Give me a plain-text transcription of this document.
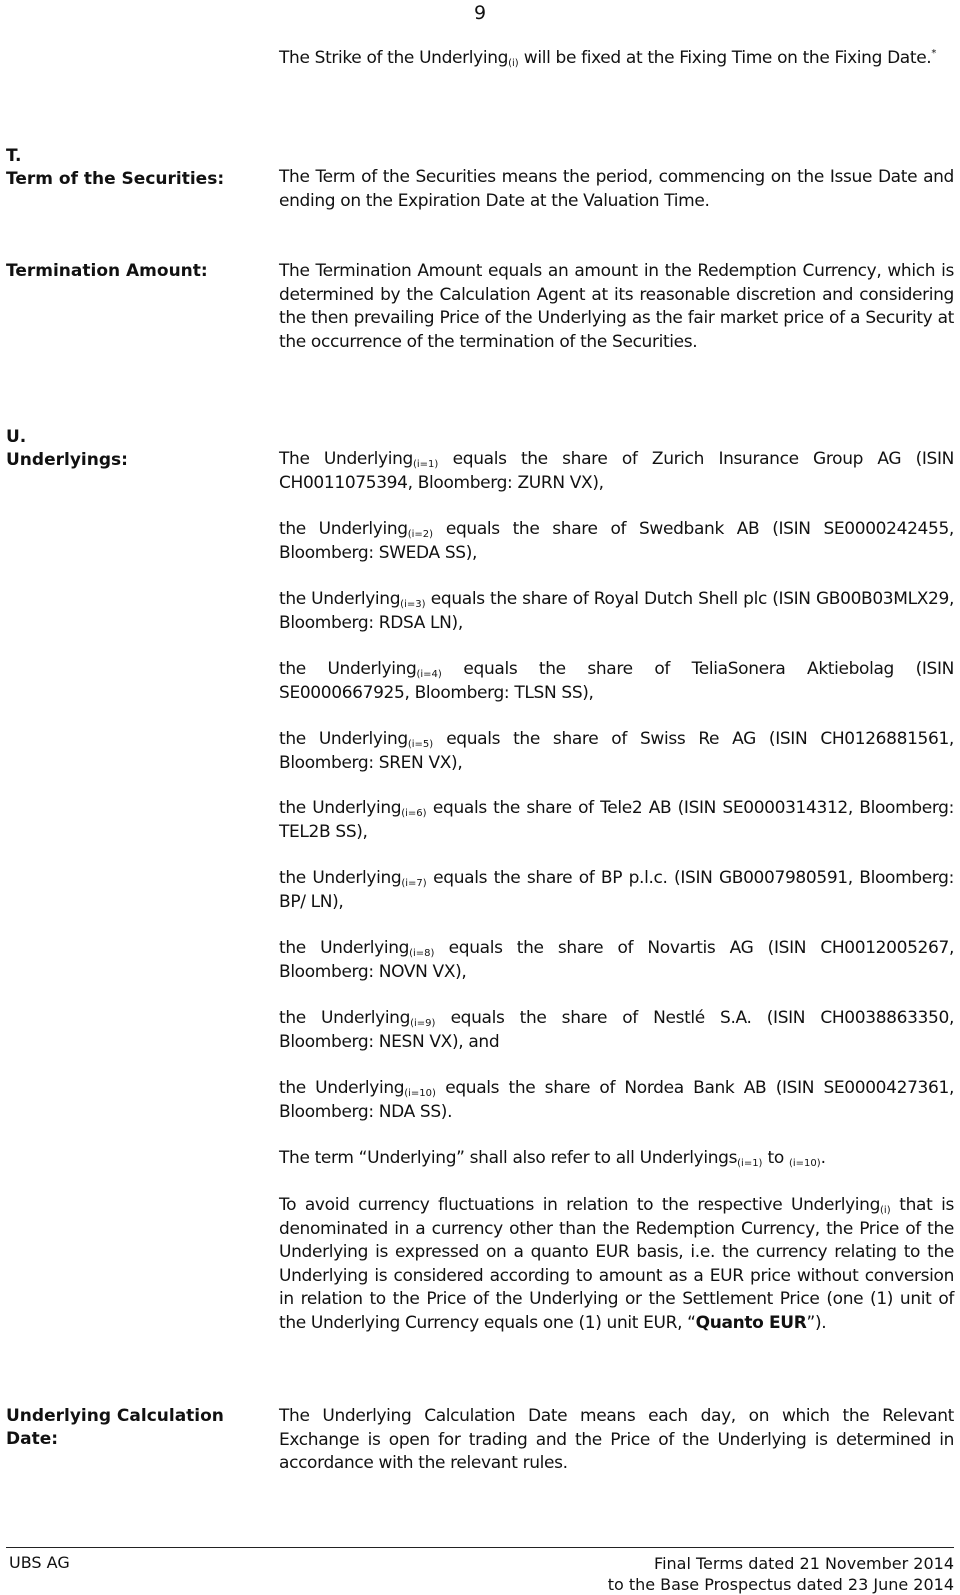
9
The Strike of the Underlying$_{(i)}$ will be fixed at the Fixing Time on the Fixing Date.*
T.
Term of the Securities:	The Term of the Securities means the period, commencing on the Issue Date and ending on the Expiration Date at the Valuation Time.
Termination Amount:	The Termination Amount equals an amount in the Redemption Currency, which is determined by the Calculation Agent at its reasonable discretion and considering the then prevailing Price of the Underlying as the fair market price of a Security at the occurrence of the termination of the Securities.
U.
Underlyings:	The Underlying$_{(i=1)}$ equals the share of Zurich Insurance Group AG (ISIN CH0011075394, Bloomberg: ZURN VX),
the Underlying$_{(i=2)}$ equals the share of Swedbank AB (ISIN SE0000242455, Bloomberg: SWEDA SS),
the Underlying$_{(i=3)}$ equals the share of Royal Dutch Shell plc (ISIN GB00B03MLX29, Bloomberg: RDSA LN),
the Underlying$_{(i=4)}$ equals the share of TeliaSonera Aktiebolag (ISIN SE0000667925, Bloomberg: TLSN SS),
the Underlying$_{(i=5)}$ equals the share of Swiss Re AG (ISIN CH0126881561, Bloomberg: SREN VX),
the Underlying$_{(i=6)}$ equals the share of Tele2 AB (ISIN SE0000314312, Bloomberg: TEL2B SS),
the Underlying$_{(i=7)}$ equals the share of BP p.l.c. (ISIN GB0007980591, Bloomberg: BP/ LN),
the Underlying$_{(i=8)}$ equals the share of Novartis AG (ISIN CH0012005267, Bloomberg: NOVN VX),
the Underlying$_{(i=9)}$ equals the share of Nestlé S.A. (ISIN CH0038863350, Bloomberg: NESN VX), and
the Underlying$_{(i=10)}$ equals the share of Nordea Bank AB (ISIN SE0000427361, Bloomberg: NDA SS).
The term “Underlying” shall also refer to all Underlyings$_{(i=1)}$ to $_{(i=10)}$.
To avoid currency fluctuations in relation to the respective Underlying$_{(i)}$ that is denominated in a currency other than the Redemption Currency, the Price of the Underlying is expressed on a quanto EUR basis, i.e. the currency relating to the Underlying is considered according to amount as a EUR price without conversion in relation to the Price of the Underlying or the Settlement Price (one (1) unit of the Underlying Currency equals one (1) unit EUR, “Quanto EUR”).
Underlying Calculation Date:
The Underlying Calculation Date means each day, on which the Relevant Exchange is open for trading and the Price of the Underlying is determined in accordance with the relevant rules.
UBS AG	Final Terms dated 21 November 2014
to the Base Prospectus dated 23 June 2014
